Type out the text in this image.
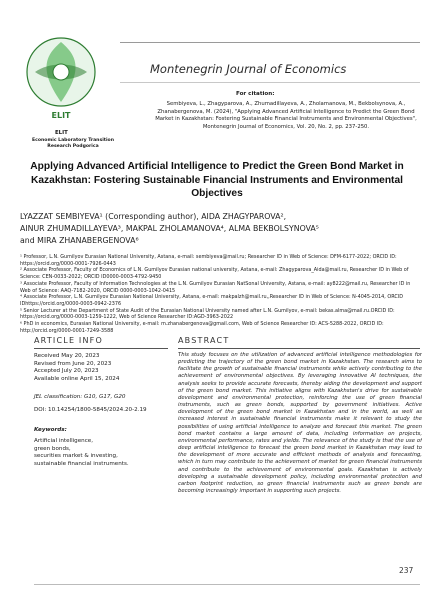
ELIT
Montenegrin Journal of Economics
For citation:
Sembiyeva, L., Zhagyparova, A., Zhumadillayeva, A., Zholamanova, M., Bekbolsynova, A., Zhanabergenova, M. (2024), "Applying Advanced Artificial Intelligence to Predict the Green Bond Market in Kazakhstan: Fostering Sustainable Financial Instruments and Environmental Objectives", Montenegrin Journal of Economics, Vol. 20, No. 2, pp. 237-250.
ELIT
Economic Laboratory Transition Research Podgorica
Applying Advanced Artificial Intelligence to Predict the Green Bond Market in Kazakhstan: Fostering Sustainable Financial Instruments and Environmental Objectives
LYAZZAT SEMBIYEVA¹ (Corresponding author), AIDA ZHAGYPAROVA²,
AINUR ZHUMADILLAYEVA³, MAKPAL ZHOLAMANOVA⁴, ALMA BEKBOLSYNOVA⁵
and MIRA ZHANABERGENOVA⁶
¹ Professor, L.N. Gumilyov Eurasian National University, Astana, e-mail: sembiyeva@mail.ru; Researcher ID in Web of Science: DFM-6177-2022; ORCID ID: https://orcid.org/0000-0001-7926-0443
² Associate Professor, Faculty of Economics of L.N. Gumilyov Eurasian national university, Astana, e-mail: Zhagyparova_Aida@mail.ru, Researcher ID in Web of Science: CEN-0033-2022; ORCID ID0000-0003-4792-9450
³ Associate Professor, Faculty of Information Technologies at the L.N. Gumilyov Eurasian NatSonal University, Astana, e-mail: ay8222@mail.ru, Researcher ID in Web of Science: AAQ-7182-2020, ORCID 0000-0003-1042-0415
⁴ Associate Professor, L.N. Gumilyov Eurasian National University, Astana, e-mail: makpalzh@mail.ru,,Researcher ID in Web of Science: N-4045-2014, ORCID IDhttps://orcid.org/0000-0003-0942-2376
⁵ Senior Lecturer at the Department of State Audit of the Eurasian National University named after L.N. Gumilyov, e-mail: bekas.alma@mail.ru.ORCID ID: https://orcid.org/0000-0003-1259-1222, Web of Science Researcher ID:AGD-3963-2022
⁶ PhD in economics, Eurasian National University, e-mail: m.zhanabergenova@gmail.com, Web of Science Researcher ID: ACS-5288-2022, ORCID ID: http://orcid.org/0000-0001-7249-3588
ARTICLE INFO	ABSTRACT
Received May 20, 2023
Revised from June 20, 2023
Accepted July 20, 2023
Available online April 15, 2024
JEL classification: G10, G17, G20
DOI: 10.14254/1800-5845/2024.20-2.19
Keywords:
Artificial intelligence,
green bonds,
securities market & investing,
sustainable financial instruments.
This study focuses on the utilization of advanced artificial intelligence methodologies for predicting the trajectory of the green bond market in Kazakhstan. The research aims to facilitate the growth of sustainable financial instruments while actively contributing to the achievement of environmental objectives. By leveraging innovative AI techniques, the analysis seeks to provide accurate forecasts, thereby aiding the development and support of the green bond market. This initiative aligns with Kazakhstan's drive for sustainable development and environmental protection, reinforcing the use of green financial instruments, such as green bonds, supported by government initiatives. Active development of the green bond market in Kazakhstan and in the world, as well as increased interest in sustainable financial instruments make it relevant to study the possibilities of using artificial intelligence to analyze and forecast this market. The green bond market contains a large amount of data, including information on projects, environmental performance, rates and yields. The relevance of the study is that the use of deep artificial intelligence to forecast the green bond market in Kazakhstan may lead to the development of more accurate and efficient methods of analysis and forecasting, which in turn may contribute to the achievement of market for green financial instruments and contribute to the achievement of environmental goals. Kazakhstan is actively developing a sustainable development policy, including environmental protection and carbon footprint reduction, so green financial instruments such as green bonds are becoming increasingly important in supporting such projects.
237
